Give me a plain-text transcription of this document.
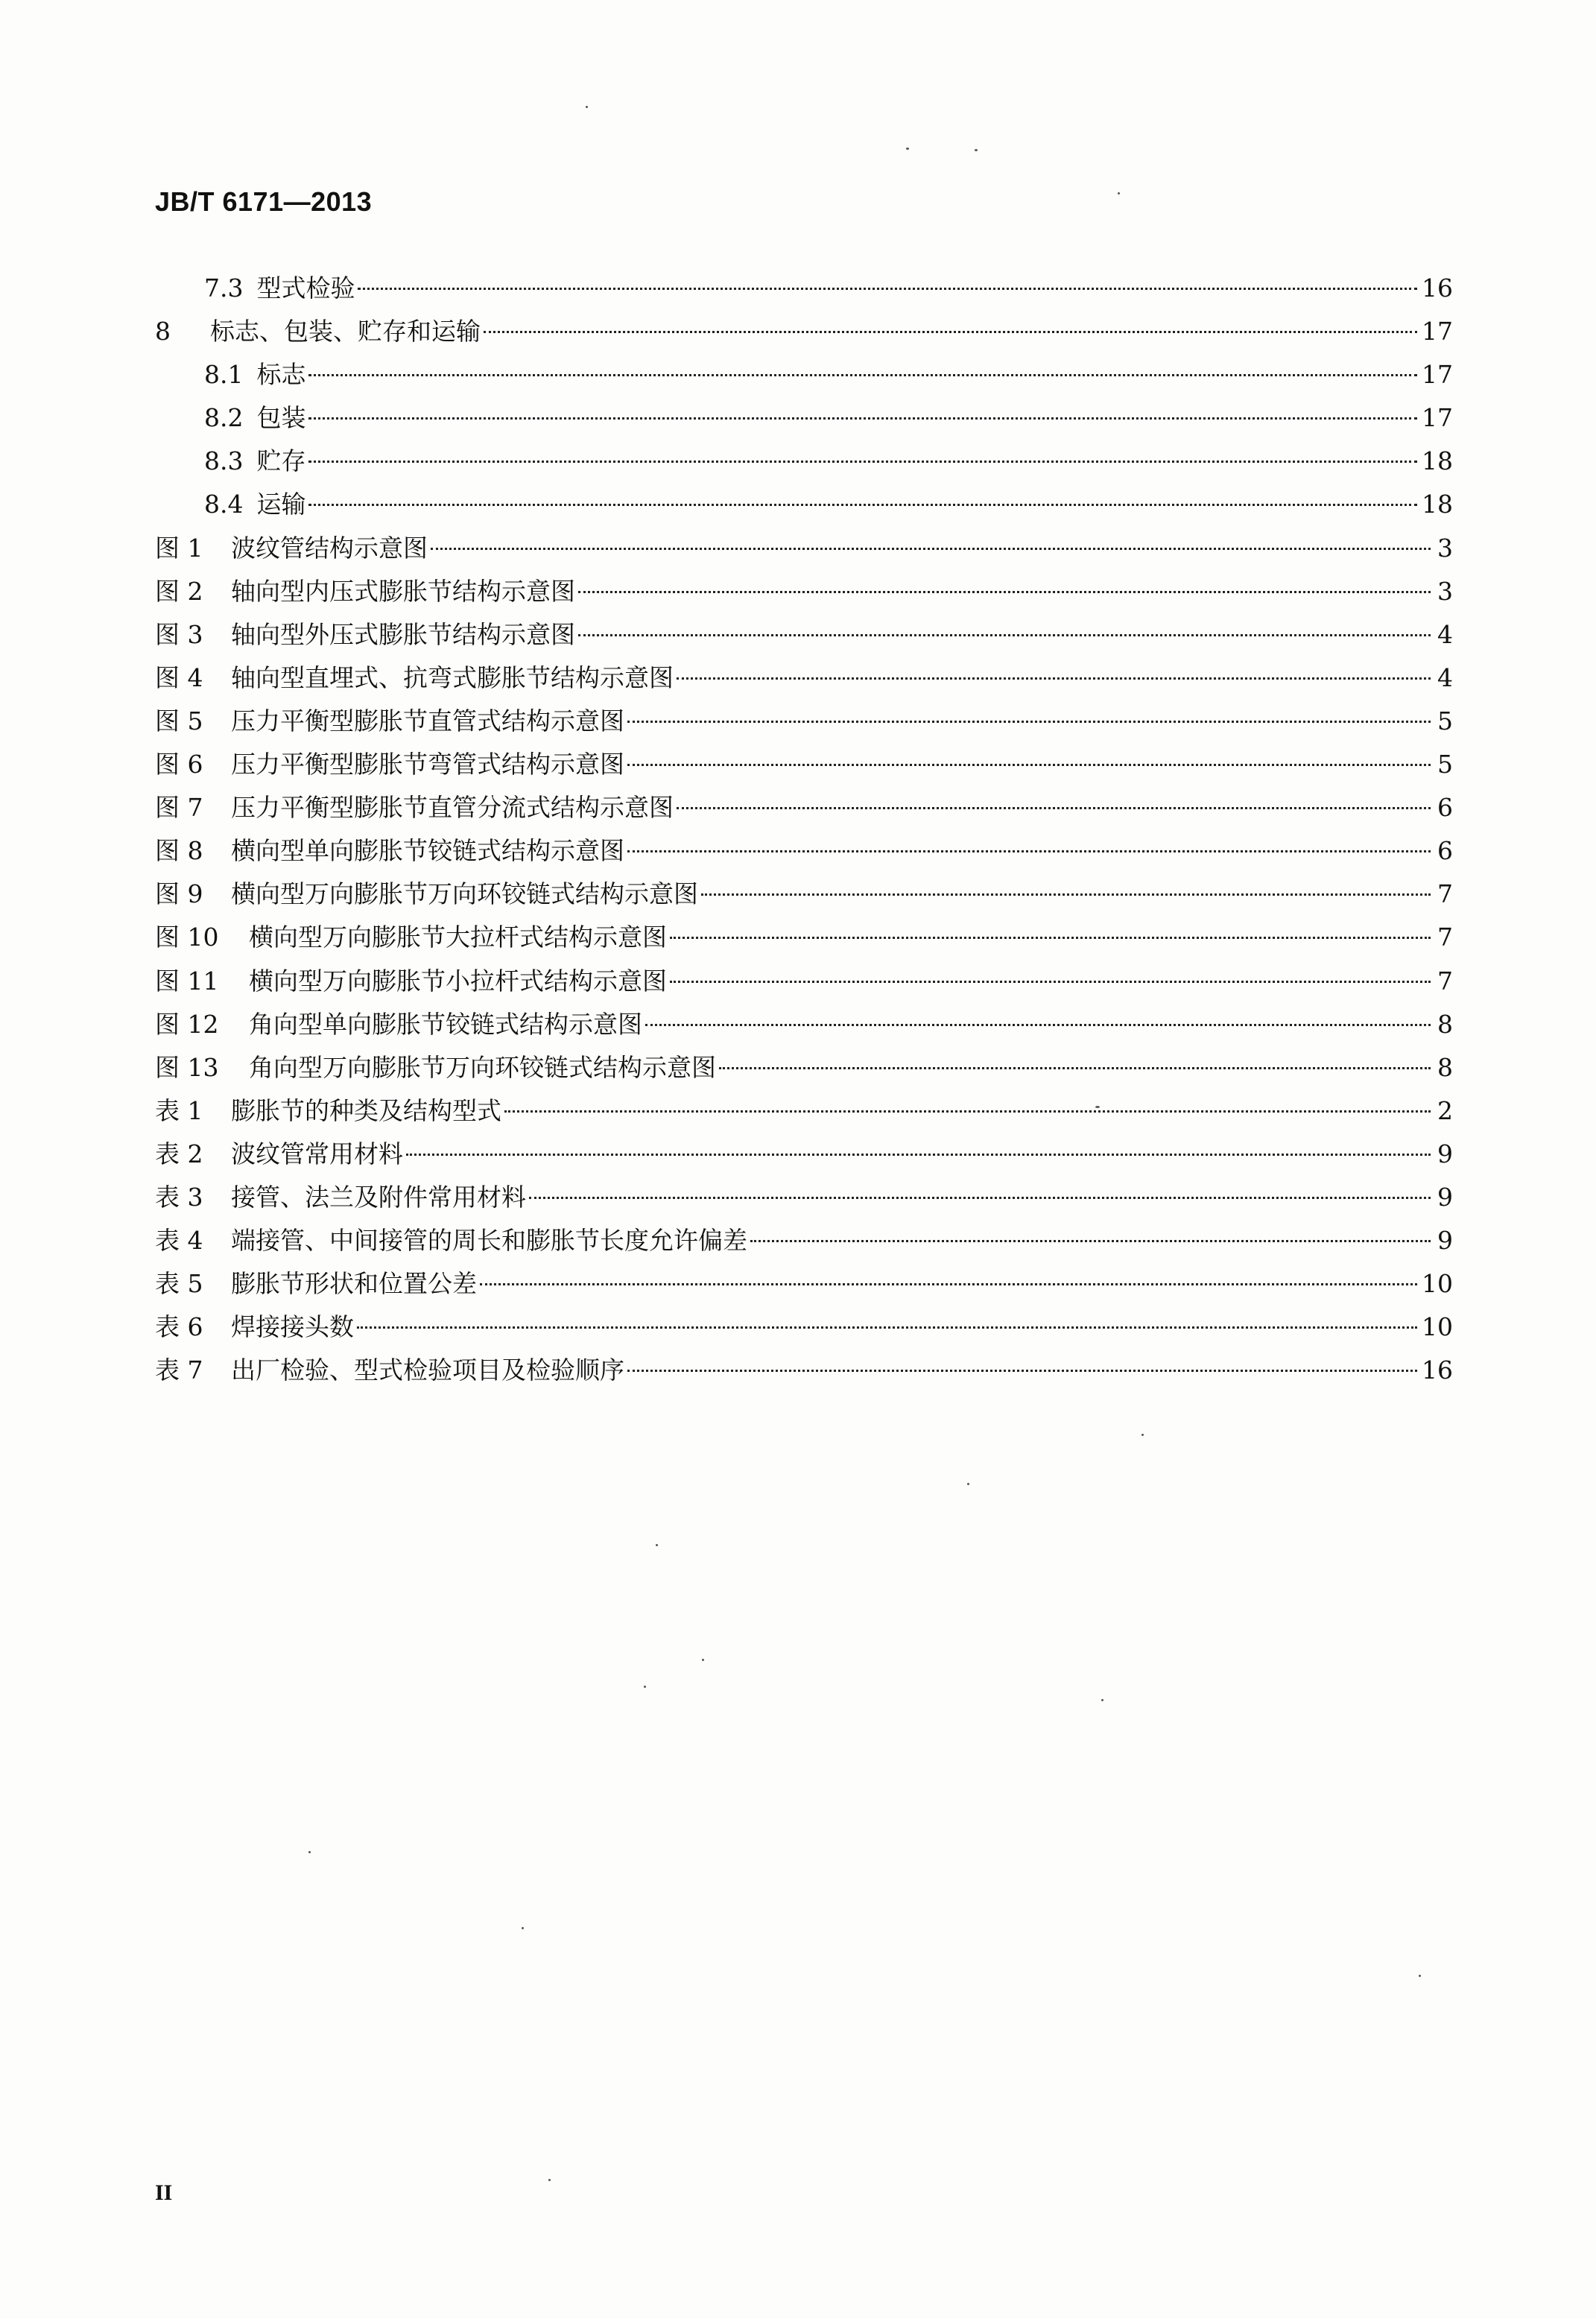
JB/T 6171—2013
7.3 型式检验	16
8	标志、包装、贮存和运输	17
8.1 标志	17
8.2 包装	17
8.3 贮存	18
8.4 运输	18
图 1	波纹管结构示意图	3
图 2	轴向型内压式膨胀节结构示意图	3
图 3	轴向型外压式膨胀节结构示意图	4
图 4	轴向型直埋式、抗弯式膨胀节结构示意图	4
图 5	压力平衡型膨胀节直管式结构示意图	5
图 6	压力平衡型膨胀节弯管式结构示意图	5
图 7	压力平衡型膨胀节直管分流式结构示意图	6
图 8	横向型单向膨胀节铰链式结构示意图	6
图 9	横向型万向膨胀节万向环铰链式结构示意图	7
图 10	横向型万向膨胀节大拉杆式结构示意图	7
图 11	横向型万向膨胀节小拉杆式结构示意图	7
图 12	角向型单向膨胀节铰链式结构示意图	8
图 13	角向型万向膨胀节万向环铰链式结构示意图	8
表 1	膨胀节的种类及结构型式	2
表 2	波纹管常用材料	9
表 3	接管、法兰及附件常用材料	9
表 4	端接管、中间接管的周长和膨胀节长度允许偏差	9
表 5	膨胀节形状和位置公差	10
表 6	焊接接头数	10
表 7	出厂检验、型式检验项目及检验顺序	16
II
